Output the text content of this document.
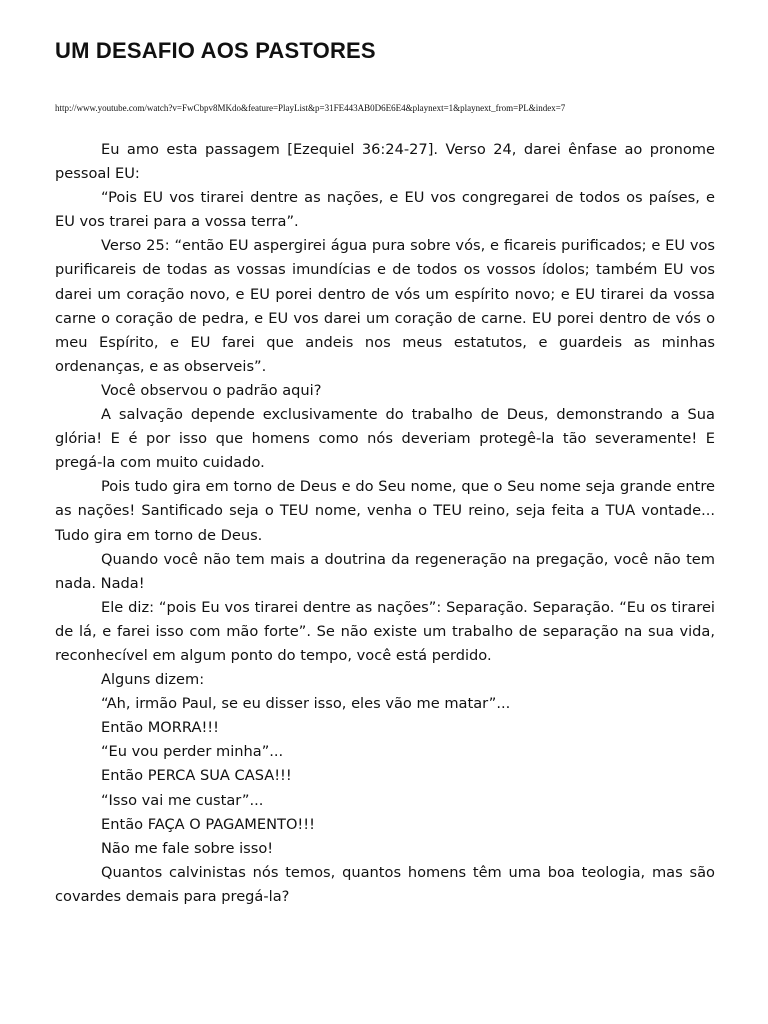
UM DESAFIO AOS PASTORES
http://www.youtube.com/watch?v=FwCbpv8MKdo&feature=PlayList&p=31FE443AB0D6E6E4&playnext=1&playnext_from=PL&index=7

Eu amo esta passagem [Ezequiel 36:24-27]. Verso 24, darei ênfase ao pronome pessoal EU:

“Pois EU vos tirarei dentre as nações, e EU vos congregarei de todos os países, e EU vos trarei para a vossa terra”.

Verso 25: “então EU aspergirei água pura sobre vós, e ficareis purificados; e EU vos purificareis de todas as vossas imundícias e de todos os vossos ídolos; também EU vos darei um coração novo, e EU porei dentro de vós um espírito novo; e EU tirarei da vossa carne o coração de pedra, e EU vos darei um coração de carne. EU porei dentro de vós o meu Espírito, e EU farei que andeis nos meus estatutos, e guardeis as minhas ordenanças, e as observeis”.

Você observou o padrão aqui?

A salvação depende exclusivamente do trabalho de Deus, demonstrando a Sua glória! E é por isso que homens como nós deveriam protegê-la tão severamente! E pregá-la com muito cuidado.

Pois tudo gira em torno de Deus e do Seu nome, que o Seu nome seja grande entre as nações! Santificado seja o TEU nome, venha o TEU reino, seja feita a TUA vontade... Tudo gira em torno de Deus.

Quando você não tem mais a doutrina da regeneração na pregação, você não tem nada. Nada!

Ele diz: “pois Eu vos tirarei dentre as nações”: Separação. Separação. “Eu os tirarei de lá, e farei isso com mão forte”. Se não existe um trabalho de separação na sua vida, reconhecível em algum ponto do tempo, você está perdido.

Alguns dizem:

“Ah, irmão Paul, se eu disser isso, eles vão me matar”...

Então MORRA!!!

“Eu vou perder minha”...

Então PERCA SUA CASA!!!

“Isso vai me custar”...

Então FAÇA O PAGAMENTO!!!

Não me fale sobre isso!

Quantos calvinistas nós temos, quantos homens têm uma boa teologia, mas são covardes demais para pregá-la?
